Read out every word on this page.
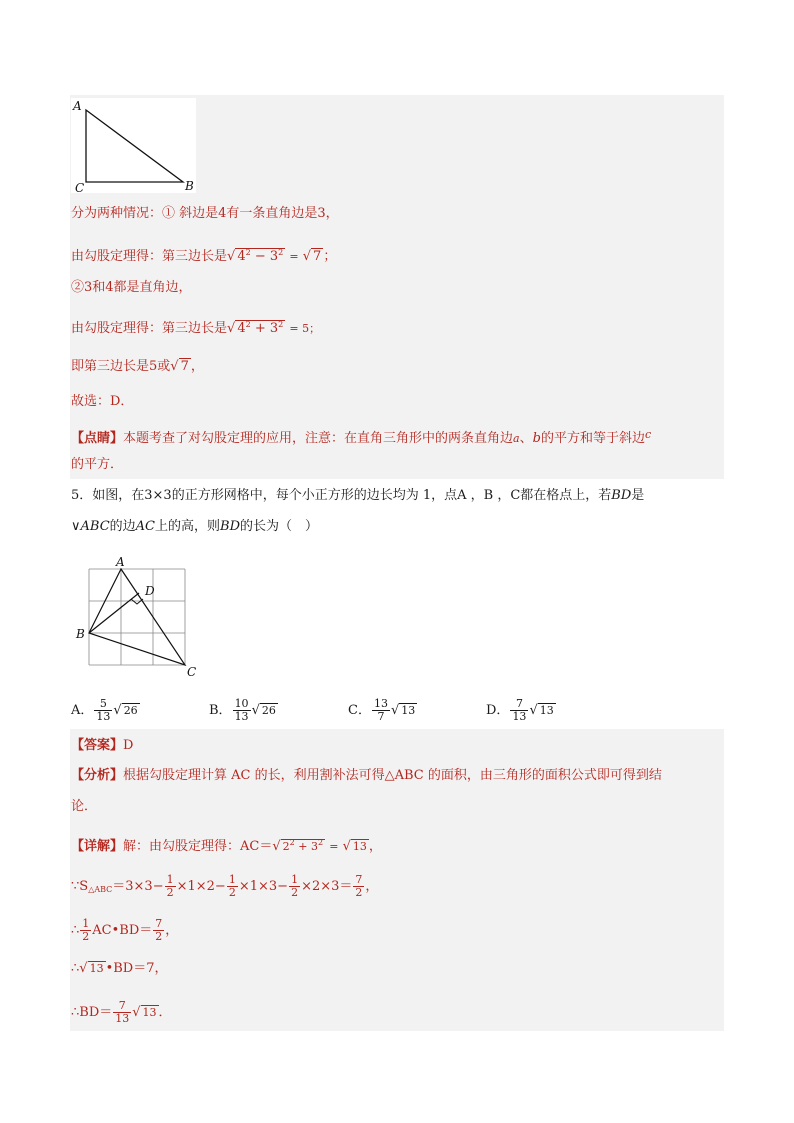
A
C	B
分为两种情况：① 斜边是4有一条直角边是3，
由勾股定理得：第三边长是√ $4^2 - 3^2$ = √ 7 ；
②3和4都是直角边，
由勾股定理得：第三边长是√ $4^2 + 3^2 = 5$；
即第三边长是5或√ 7 ，
故选：D．
【点睛】本题考查了对勾股定理的应用，注意：在直角三角形中的两条直角边a、b的平方和等于斜边$^c$
的平方．
5．如图，在3×3的正方形网格中，每个小正方形的边长均为 1，点A ，B ，C都在格点上，若BD是
∨ABC的边AC上的高，则BD的长为（　）
A
D
B
C
A． $\frac{5}{13}$ √ 26	B． $\frac{10}{13}$ √ 26	C． $\frac{13}{7}$ √ 13	D． $\frac{7}{13}$ √ 13
【答案】D
【分析】根据勾股定理计算 AC 的长，利用割补法可得△ABC 的面积，由三角形的面积公式即可得到结
论．
【详解】解：由勾股定理得：AC＝√ $2^2 + 3^2$ = √ 13 ，
$\because S_{\triangle ABC}=3\times 3- \frac{1}{2} \times 1\times 2- \frac{1}{2} \times 1\times 3- \frac{1}{2} \times 2\times 3= \frac{7}{2}$ ，
∴ $\frac{1}{2}$ AC•BD＝ $\frac{7}{2}$ ，
∴√ 13 •BD＝7，
∴BD＝ $\frac{7}{13}$ √ 13 ．
